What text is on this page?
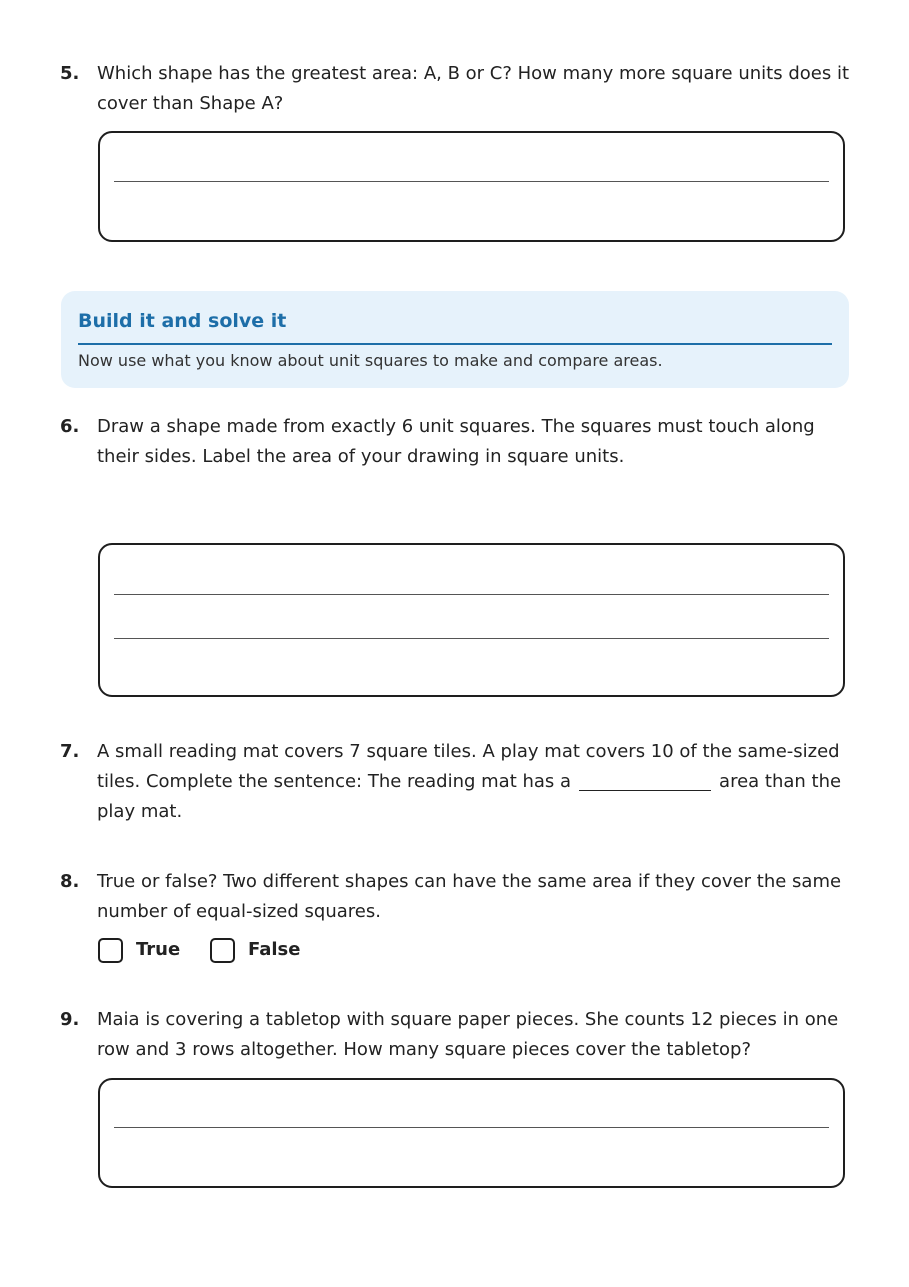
5. Which shape has the greatest area: A, B or C? How many more square units does it cover than Shape A?
Build it and solve it
Now use what you know about unit squares to make and compare areas.
6. Draw a shape made from exactly 6 unit squares. The squares must touch along their sides. Label the area of your drawing in square units.
7. A small reading mat covers 7 square tiles. A play mat covers 10 of the same-sized tiles. Complete the sentence: The reading mat has a	area than the play mat.
8. True or false? Two different shapes can have the same area if they cover the same number of equal-sized squares.
True	False
9. Maia is covering a tabletop with square paper pieces. She counts 12 pieces in one row and 3 rows altogether. How many square pieces cover the tabletop?
